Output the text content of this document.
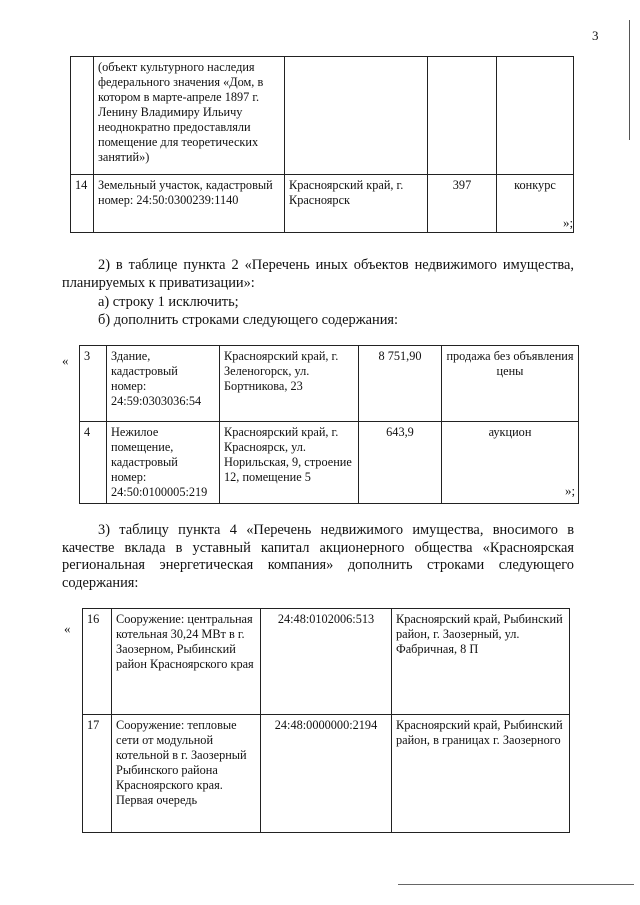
3
	(объект культурного наследия федерального значения «Дом, в котором в марте-апреле 1897 г. Ленину Владимиру Ильичу неоднократно предоставляли помещение для теоретических занятий»)			
14	Земельный участок, кадастровый номер: 24:50:0300239:1140	Красноярский край, г. Красноярск	397	конкурс
»;
2) в таблице пункта 2 «Перечень иных объектов недвижимого имущества, планируемых к приватизации»:
а) строку 1 исключить;
б) дополнить строками следующего содержания:
« 3	Здание, кадастровый номер: 24:59:0303036:54	Красноярский край, г. Зеленогорск, ул. Бортникова, 23	8 751,90	продажа без объявления цены
4	Нежилое помещение, кадастровый номер: 24:50:0100005:219	Красноярский край, г. Красноярск, ул. Норильская, 9, строение 12, помещение 5	643,9	аукцион
»;
3) таблицу пункта 4 «Перечень недвижимого имущества, вносимого в качестве вклада в уставный капитал акционерного общества «Красноярская региональная энергетическая компания» дополнить строками следующего содержания:
«
16	Сооружение: центральная котельная 30,24 МВт в г. Заозерном, Рыбинский район Красноярского края	24:48:0102006:513	Красноярский край, Рыбинский район, г. Заозерный, ул. Фабричная, 8 П
17	Сооружение: тепловые сети от модульной котельной в г. Заозерный Рыбинского района Красноярского края. Первая очередь	24:48:0000000:2194	Красноярский край, Рыбинский район, в границах г. Заозерного
